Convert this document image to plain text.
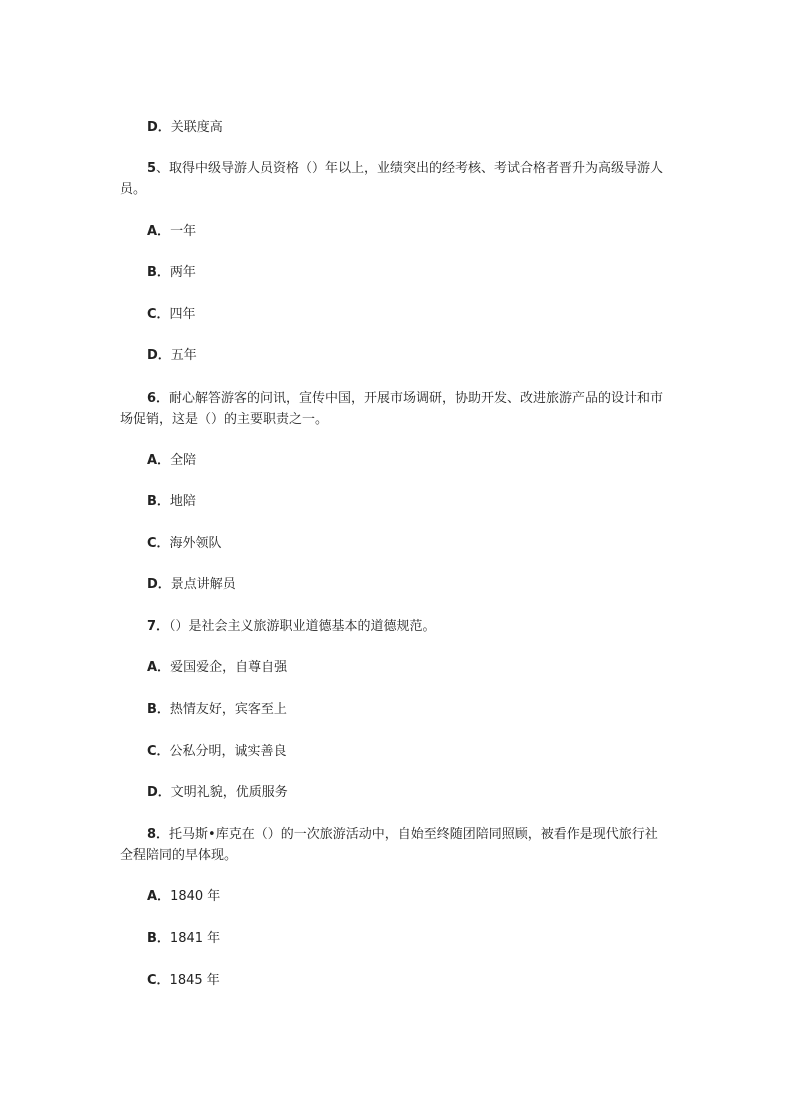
D．关联度高

5、取得中级导游人员资格（）年以上，业绩突出的经考核、考试合格者晋升为高级导游人员。

A．一年

B．两年

C．四年

D．五年

6．耐心解答游客的问讯，宣传中国，开展市场调研，协助开发、改进旅游产品的设计和市场促销，这是（）的主要职责之一。

A．全陪

B．地陪

C．海外领队

D．景点讲解员

7．（）是社会主义旅游职业道德基本的道德规范。

A．爱国爱企，自尊自强

B．热情友好，宾客至上

C．公私分明，诚实善良

D．文明礼貌，优质服务

8．托马斯•库克在（）的一次旅游活动中，自始至终随团陪同照顾，被看作是现代旅行社全程陪同的早体现。

A．1840 年

B．1841 年

C．1845 年
